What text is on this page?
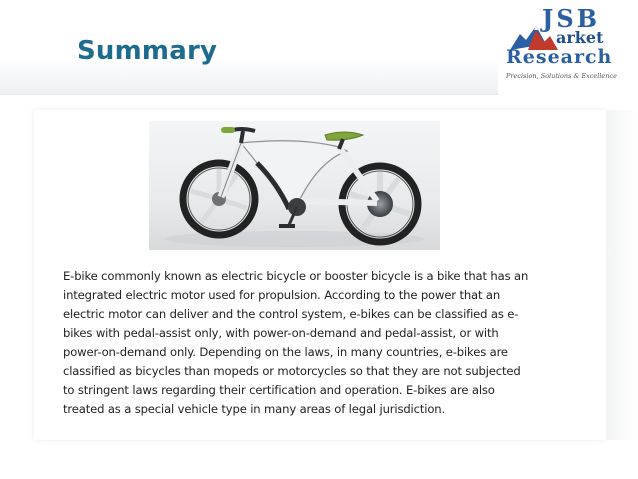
Summary
JSB
arket
Research
Precision, Solutions & Excellence
E-bike commonly known as electric bicycle or booster bicycle is a bike that has an
integrated electric motor used for propulsion. According to the power that an
electric motor can deliver and the control system, e-bikes can be classified as e-
bikes with pedal-assist only, with power-on-demand and pedal-assist, or with
power-on-demand only. Depending on the laws, in many countries, e-bikes are
classified as bicycles than mopeds or motorcycles so that they are not subjected
to stringent laws regarding their certification and operation. E-bikes are also
treated as a special vehicle type in many areas of legal jurisdiction.
